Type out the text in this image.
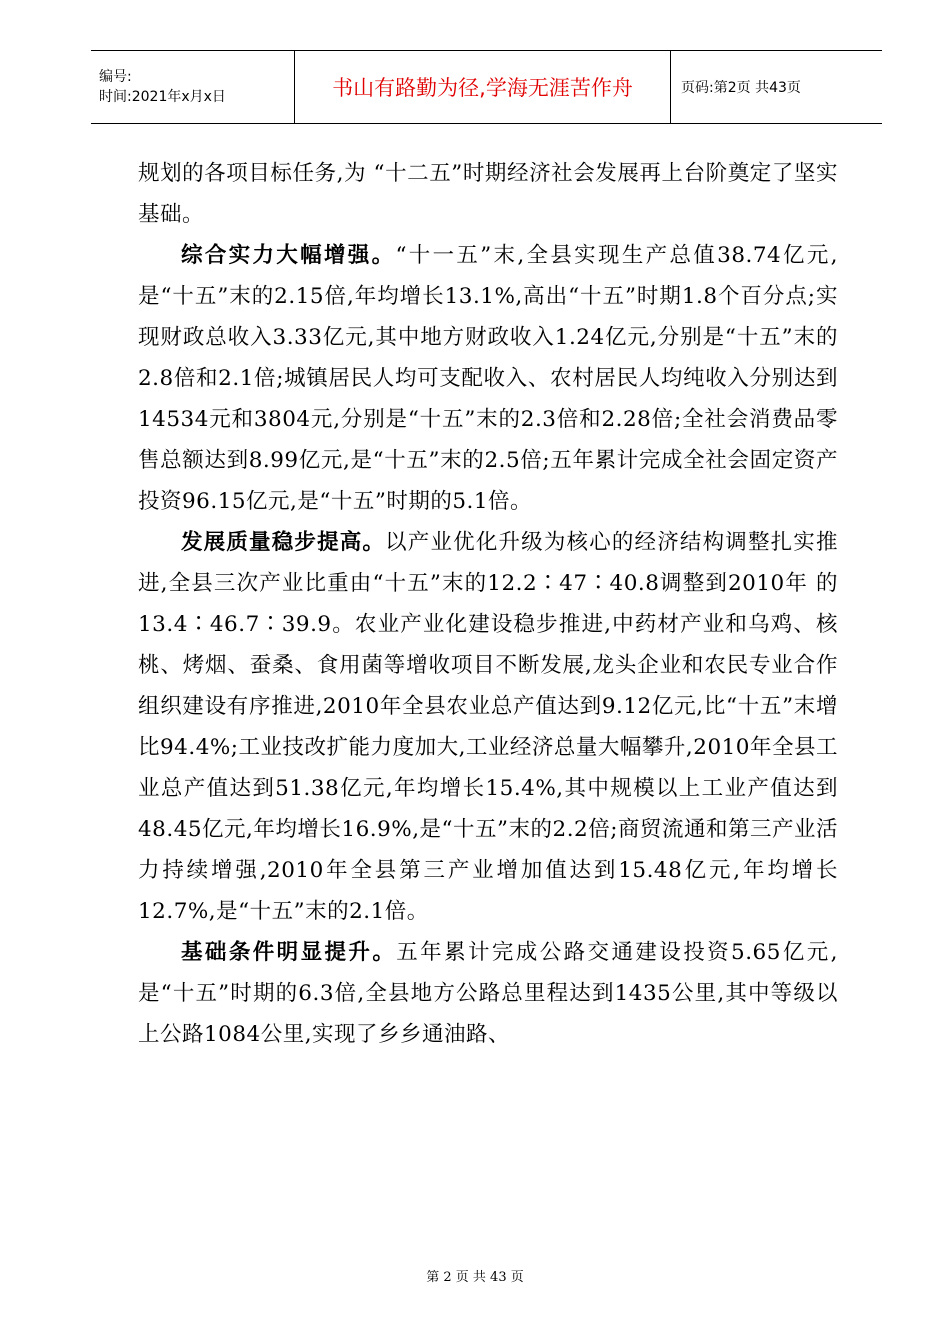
编号:
时间:2021年x月x日	书山有路勤为径,学海无涯苦作舟	页码:第2页 共43页

规划的各项目标任务,为 “十二五”时期经济社会发展再上台阶奠定了坚实基础。

综合实力大幅增强。“十一五”末,全县实现生产总值38.74亿元,是“十五”末的2.15倍,年均增长13.1%,高出“十五”时期1.8个百分点;实现财政总收入3.33亿元,其中地方财政收入1.24亿元,分别是“十五”末的2.8倍和2.1倍;城镇居民人均可支配收入、农村居民人均纯收入分别达到14534元和3804元,分别是“十五”末的2.3倍和2.28倍;全社会消费品零售总额达到8.99亿元,是“十五”末的2.5倍;五年累计完成全社会固定资产投资96.15亿元,是“十五”时期的5.1倍。

发展质量稳步提高。以产业优化升级为核心的经济结构调整扎实推进,全县三次产业比重由“十五”末的12.2∶47∶40.8调整到2010年 的13.4∶46.7∶39.9。农业产业化建设稳步推进,中药材产业和乌鸡、核桃、烤烟、蚕桑、食用菌等增收项目不断发展,龙头企业和农民专业合作组织建设有序推进,2010年全县农业总产值达到9.12亿元,比“十五”末增比94.4%;工业技改扩能力度加大,工业经济总量大幅攀升,2010年全县工业总产值达到51.38亿元,年均增长15.4%,其中规模以上工业产值达到48.45亿元,年均增长16.9%,是“十五”末的2.2倍;商贸流通和第三产业活力持续增强,2010年全县第三产业增加值达到15.48亿元,年均增长12.7%,是“十五”末的2.1倍。

基础条件明显提升。五年累计完成公路交通建设投资5.65亿元,是“十五”时期的6.3倍,全县地方公路总里程达到1435公里,其中等级以上公路1084公里,实现了乡乡通油路、

第 2 页 共 43 页
